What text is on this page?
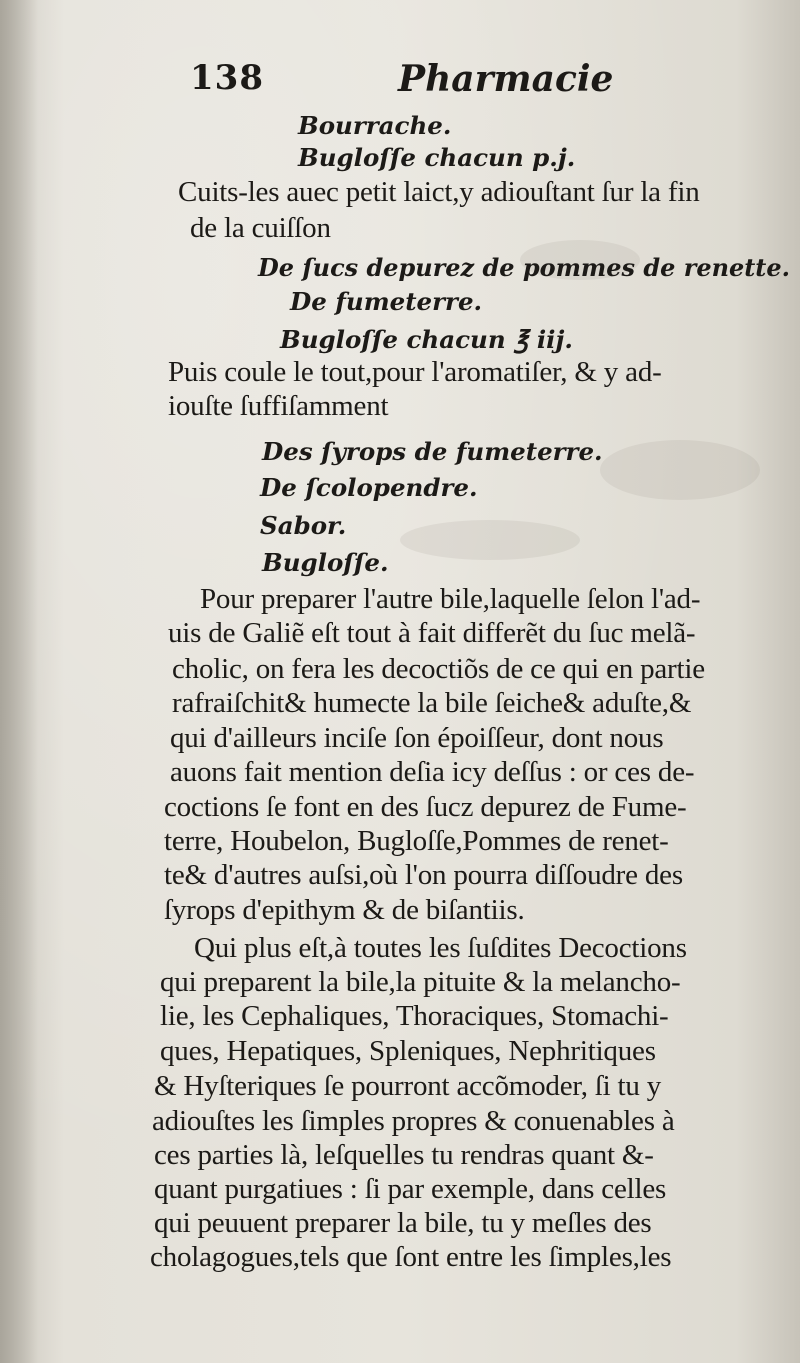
138	Pharmacie
Bourrache.
Bugloſſe chacun p.j.
Cuits-les auec petit laict,y adiouſtant ſur la fin
de la cuiſſon
De ſucs depurez de pommes de renette.
De fumeterre.
Bugloſſe chacun ℥ iij.
Puis coule le tout,pour l'aromatiſer, & y ad-
iouſte ſuffiſamment
Des ſyrops de fumeterre.
De ſcolopendre.
Sabor.
Bugloſſe.
Pour preparer l'autre bile,laquelle ſelon l'ad-
uis de Galiẽ eſt tout à fait differẽt du ſuc melã-
cholic, on fera les decoctiõs de ce qui en partie
rafraiſchit& humecte la bile ſeiche& aduſte,&
qui d'ailleurs inciſe ſon époiſſeur, dont nous
auons fait mention deſia icy deſſus : or ces de-
coctions ſe font en des ſucz depurez de Fume-
terre, Houbelon, Bugloſſe,Pommes de renet-
te& d'autres auſsi,où l'on pourra diſſoudre des
ſyrops d'epithym & de biſantiis.
Qui plus eſt,à toutes les ſuſdites Decoctions
qui preparent la bile,la pituite & la melancho-
lie, les Cephaliques, Thoraciques, Stomachi-
ques, Hepatiques, Spleniques, Nephritiques
& Hyſteriques ſe pourront accõmoder, ſi tu y
adiouſtes les ſimples propres & conuenables à
ces parties là, leſquelles tu rendras quant &-
quant purgatiues : ſi par exemple, dans celles
qui peuuent preparer la bile, tu y meſles des
cholagogues,tels que ſont entre les ſimples,les
